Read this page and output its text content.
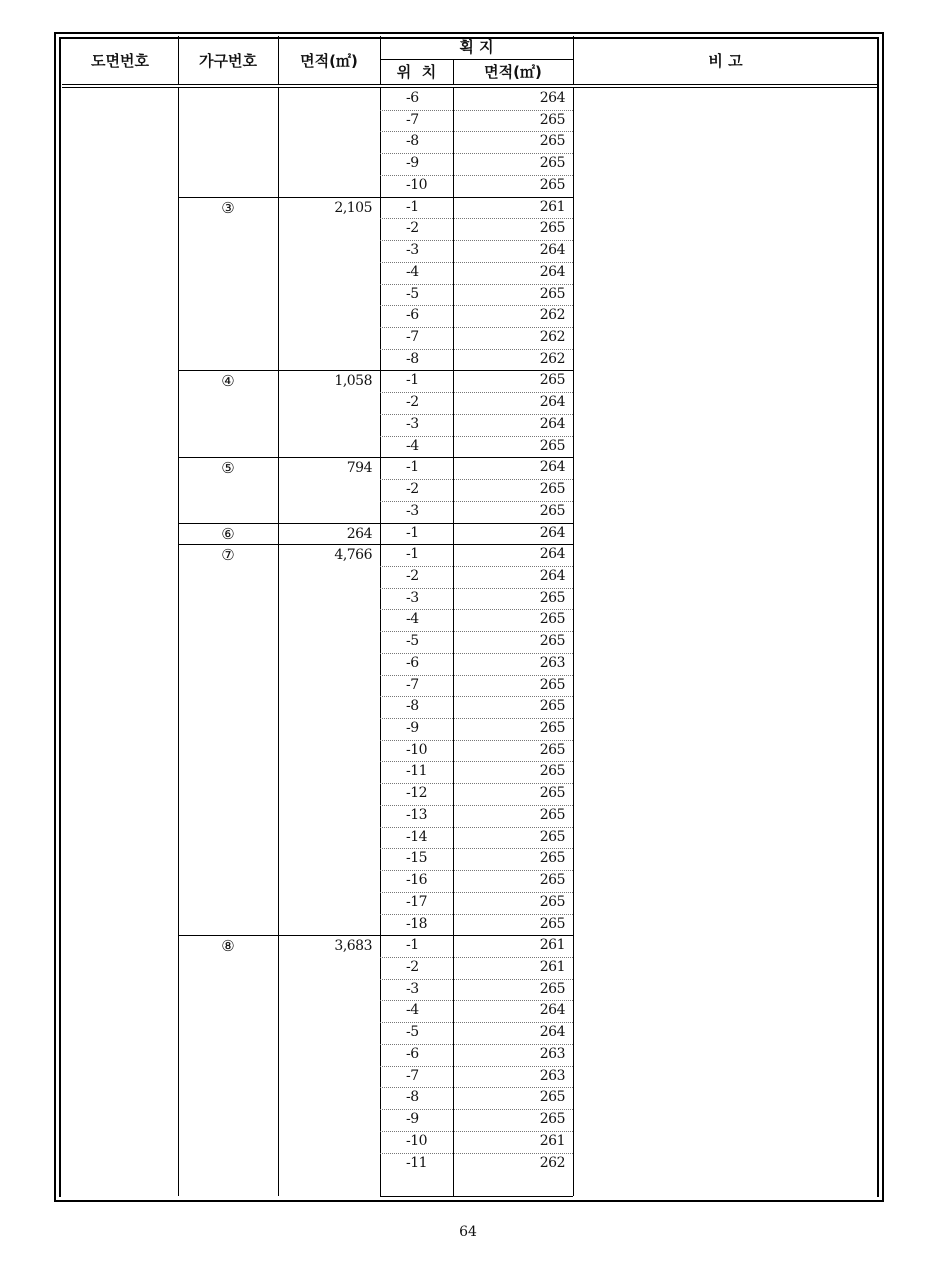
-6	264
-7	265
-8	265
-9	265
-10	265
③	2,105 -1	261
-2	265
-3	264
-4	264
-5	265
-6	262
-7	262
-8	262
④	1,058 -1	265
-2	264
-3	264
-4	265
⑤	794 -1	264
-2	265
-3	265
⑥	264 -1	264
⑦	4,766 -1	264
-2	264
-3	265
-4	265
-5	265
-6	263
-7	265
-8	265
-9	265
-10	265
-11	265
-12	265
-13	265
-14	265
-15	265
-16	265
-17	265
-18	265
⑧	3,683 -1	261
-2	261
-3	265
-4	264
-5	264
-6	263
-7	263
-8	265
-9	265
-10	261
-11	262
도면번호	가구번호	면적(㎡)
획 지
위  치	면적(㎡)
비 고
64
